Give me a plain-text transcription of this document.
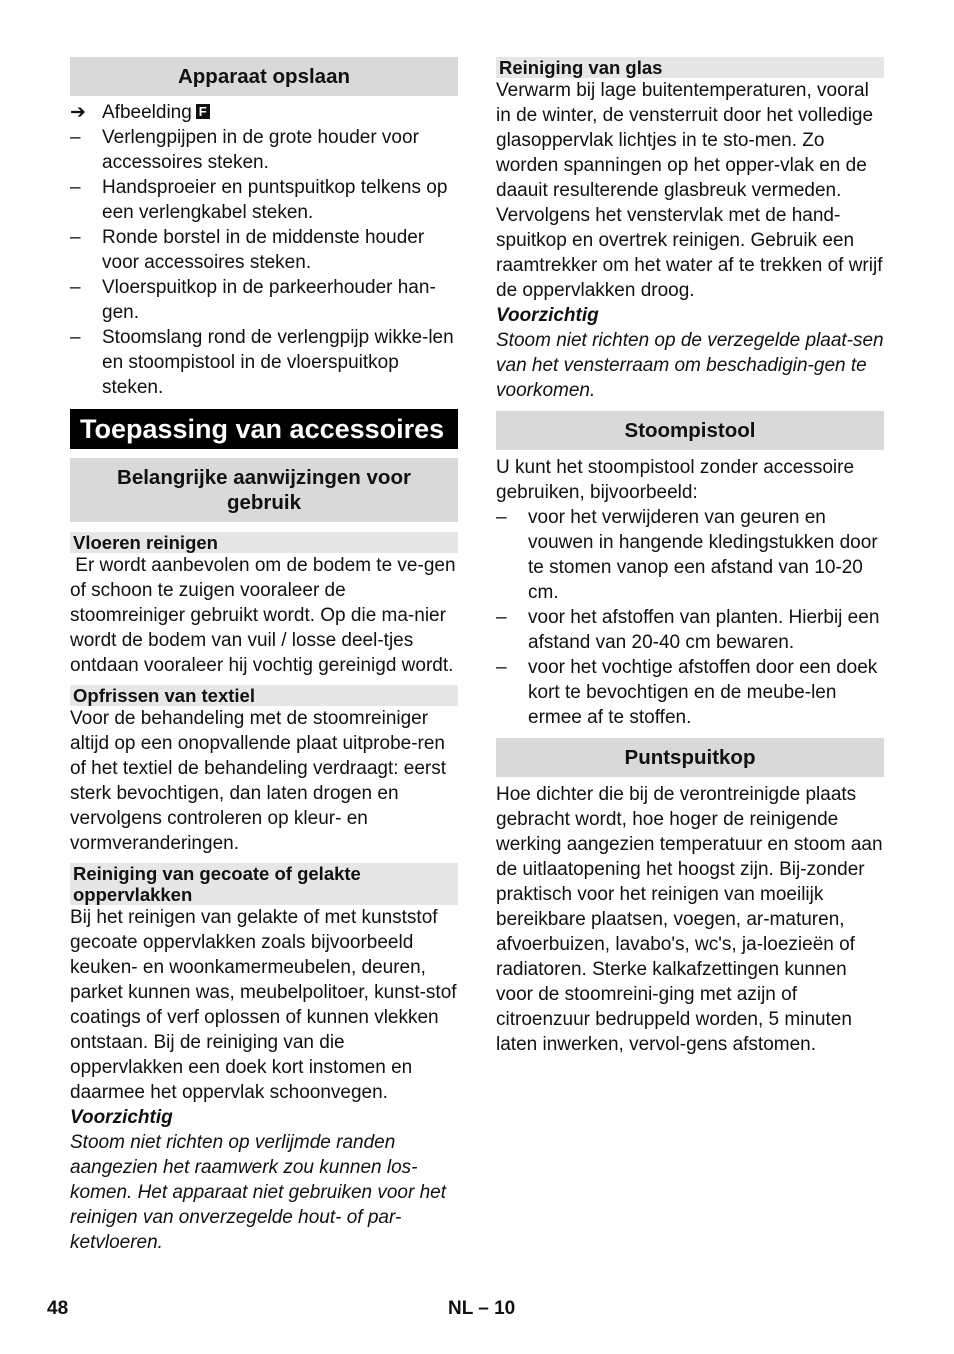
Apparaat opslaan

➔ Afbeelding F

–	Verlengpijpen in de grote houder voor accessoires steken.
–	Handsproeier en puntspuitkop telkens op een verlengkabel steken.
–	Ronde borstel in de middenste houder voor accessoires steken.
–	Vloerspuitkop in de parkeerhouder han-gen.
–	Stoomslang rond de verlengpijp wikke-len en stoompistool in de vloerspuitkop steken.
Toepassing van accessoires
Belangrijke aanwijzingen voor gebruik
Vloeren reinigen

Er wordt aanbevolen om de bodem te ve-gen of schoon te zuigen vooraleer de stoomreiniger gebruikt wordt. Op die ma-nier wordt de bodem van vuil / losse deel-tjes ontdaan vooraleer hij vochtig gereinigd wordt.

Opfrissen van textiel

Voor de behandeling met de stoomreiniger altijd op een onopvallende plaat uitprobe-ren of het textiel de behandeling verdraagt: eerst sterk bevochtigen, dan laten drogen en vervolgens controleren op kleur- en vormveranderingen.

Reiniging van gecoate of gelakte oppervlakken

Bij het reinigen van gelakte of met kunststof gecoate oppervlakken zoals bijvoorbeeld keuken- en woonkamermeubelen, deuren, parket kunnen was, meubelpolitoer, kunst-stof coatings of verf oplossen of kunnen vlekken ontstaan. Bij de reiniging van die oppervlakken een doek kort instomen en daarmee het oppervlak schoonvegen.

Voorzichtig

Stoom niet richten op verlijmde randen aangezien het raamwerk zou kunnen los-komen. Het apparaat niet gebruiken voor het reinigen van onverzegelde hout- of par-ketvloeren.

Reiniging van glas

Verwarm bij lage buitentemperaturen, vooral in de winter, de vensterruit door het volledige glasoppervlak lichtjes in te sto-men. Zo worden spanningen op het opper-vlak en de daauit resulterende glasbreuk vermeden.

Vervolgens het venstervlak met de hand-spuitkop en overtrek reinigen. Gebruik een raamtrekker om het water af te trekken of wrijf de oppervlakken droog.

Voorzichtig

Stoom niet richten op de verzegelde plaat-sen van het vensterraam om beschadigin-gen te voorkomen.

Stoompistool

U kunt het stoompistool zonder accessoire gebruiken, bijvoorbeeld:

–	voor het verwijderen van geuren en vouwen in hangende kledingstukken door te stomen vanop een afstand van 10-20 cm.
–	voor het afstoffen van planten. Hierbij een afstand van 20-40 cm bewaren.
–	voor het vochtige afstoffen door een doek kort te bevochtigen en de meube-len ermee af te stoffen.
Puntspuitkop

Hoe dichter die bij de verontreinigde plaats gebracht wordt, hoe hoger de reinigende werking aangezien temperatuur en stoom aan de uitlaatopening het hoogst zijn. Bij-zonder praktisch voor het reinigen van moeilijk bereikbare plaatsen, voegen, ar-maturen, afvoerbuizen, lavabo's, wc's, ja-loezieën of radiatoren. Sterke kalkafzettingen kunnen voor de stoomreini-ging met azijn of citroenzuur bedruppeld worden, 5 minuten laten inwerken, vervol-gens afstomen.

48	NL – 10
